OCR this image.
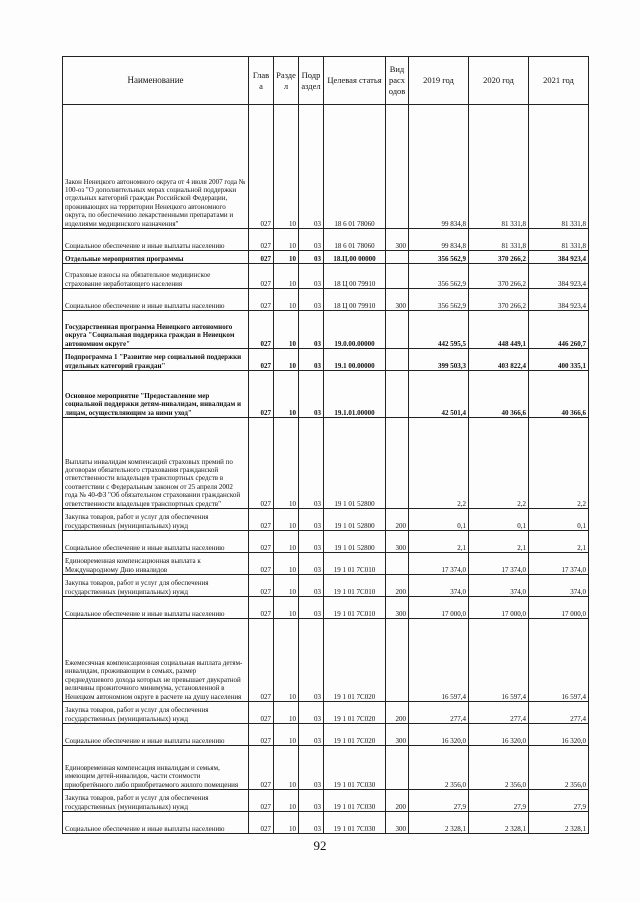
Наименование	Глав а	Разде л	Подр аздел	Целевая статья	Вид расх одов	2019 год	2020 год	2021 год
Закон Ненецкого автономного округа от 4 июля 2007 года № 100-оз "О дополнительных мерах социальной поддержки отдельных категорий граждан Российской Федерации, проживающих на территории Ненецкого автономного округа, по обеспечению лекарственными препаратами и изделиями медицинского назначения"	027	10	03	18 6 01 78060		99 834,8	81 331,8	81 331,8
Социальное обеспечение и иные выплаты населению	027	10	03	18 6 01 78060	300	99 834,8	81 331,8	81 331,8
Отдельные мероприятия программы	027	10	03	18.Ц.00 00000		356 562,9	370 266,2	384 923,4
Страховые взносы на обязательное медицинское страхование неработающего населения	027	10	03	18 Ц 00 79910		356 562,9	370 266,2	384 923,4
Социальное обеспечение и иные выплаты населению	027	10	03	18 Ц 00 79910	300	356 562,9	370 266,2	384 923,4
Государственная программа Ненецкого автономного округа "Социальная поддержка граждан в Ненецком автономном округе"	027	10	03	19.0.00.00000		442 595,5	448 449,1	446 260,7
Подпрограмма 1 "Развитие мер социальной поддержки отдельных категорий граждан"	027	10	03	19.1 00.00000		399 503,3	403 822,4	400 335,1
Основное мероприятие "Предоставление мер социальной поддержки детям-инвалидам, инвалидам и лицам, осуществляющим за ними уход"	027	10	03	19.1.01.00000		42 501,4	40 366,6	40 366,6
Выплаты инвалидам компенсаций страховых премий по договорам обязательного страхования гражданской ответственности владельцев транспортных средств в соответствии с Федеральным законом от 25 апреля 2002 года № 40-ФЗ "Об обязательном страховании гражданской ответственности владельцев транспортных средств"	027	10	03	19 1 01 52800		2,2	2,2	2,2
Закупка товаров, работ и услуг для обеспечения государственных (муниципальных) нужд	027	10	03	19 1 01 52800	200	0,1	0,1	0,1
Социальное обеспечение и иные выплаты населению	027	10	03	19 1 01 52800	300	2,1	2,1	2,1
Единовременная компенсационная выплата к Международному Дню инвалидов	027	10	03	19 1 01 7С010		17 374,0	17 374,0	17 374,0
Закупка товаров, работ и услуг для обеспечения государственных (муниципальных) нужд	027	10	03	19 1 01 7С010	200	374,0	374,0	374,0
Социальное обеспечение и иные выплаты населению	027	10	03	19 1 01 7С010	300	17 000,0	17 000,0	17 000,0
Ежемесячная компенсационная социальная выплата детям-инвалидам, проживающим в семьях, размер среднедушевого дохода которых не превышает двукратной величины прожиточного минимума, установленной в Ненецком автономном округе в расчете на душу населения	027	10	03	19 1 01 7С020		16 597,4	16 597,4	16 597,4
Закупка товаров, работ и услуг для обеспечения государственных (муниципальных) нужд	027	10	03	19 1 01 7С020	200	277,4	277,4	277,4
Социальное обеспечение и иные выплаты населению	027	10	03	19 1 01 7С020	300	16 320,0	16 320,0	16 320,0
Единовременная компенсация инвалидам и семьям, имеющим детей-инвалидов, части стоимости приобретённого либо приобретаемого жилого помещения	027	10	03	19 1 01 7С030		2 356,0	2 356,0	2 356,0
Закупка товаров, работ и услуг для обеспечения государственных (муниципальных) нужд	027	10	03	19 1 01 7С030	200	27,9	27,9	27,9
Социальное обеспечение и иные выплаты населению	027	10	03	19 1 01 7С030	300	2 328,1	2 328,1	2 328,1
92
